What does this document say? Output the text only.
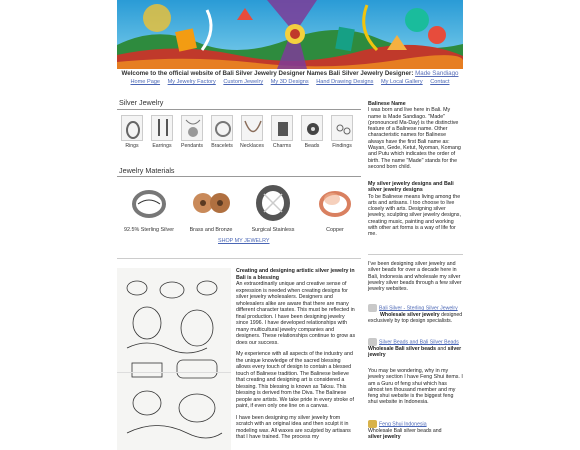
Welcome to the official website of Bali Silver Jewelry Designer Names Bali Silver Jewelry Designer: Made Sandiago
Home Page My Jewelry Factory Custom Jewelry My 3D Designs Hand Drawing Designs My Local Gallery Contact
Silver Jewelry
Rings	Earrings	Pendants	Bracelets	Necklaces	Charms	Beads	Findings
Jewelry Materials
92.5% Sterling Silver	Brass and Bronze	Surgical Stainless	Copper
SHOP MY JEWELRY

Creating and designing artistic silver jewelry in Bali is a blessing

An extraordinarily unique and creative sense of expression is needed when creating designs for silver jewelry wholesalers. Designers and wholesalers alike are aware that there are many different character tastes. This must be reflected in final production. I have been designing jewelry since 1996. I have developed relationships with many multicultural jewelry companies and designers. These relationships continue to grow as does our success.

My experience with all aspects of the industry and the unique knowledge of the sacred blessing allows every touch of design to contain a blessed touch of Balinese tradition. The Balinese believe that creating and designing art is considered a blessing. This blessing is known as Taksu. This blessing is derived from the Diva. The Balinese people are artists. We take pride in every stroke of paint, if even only one line on a canvas.

I have been designing my silver jewelry from scratch with an original idea and then sculpt it in modeling wax. All waxes are sculpted by artisans that I have trained. The process my

Balinese Name
I was born and live here in Bali. My name is Made Sandiago. "Made" (pronounced Ma-Day) is the distinctive feature of a Balinese name. Other characteristic names for Balinese always have the first Bali name as: Wayan, Gede, Ketut, Nyoman, Komang and Putu which indicates the order of birth. The name "Made" stands for the second born child.
My silver jewelry designs and Bali silver jewelry designs
To be Balinese means living among the arts and artisans. I too choose to live closely with arts. Designing silver jewelry, sculpting silver jewelry designs, creating music, painting and working with other art forms is a way of life for me.
I've been designing silver jewelry and silver beads for over a decade here in Bali, Indonesia and wholesale my silver jewelry silver beads through a few silver jewelry websites.
Bali Silver - Sterling Silver Jewelry
Wholesale silver jewelry designed exclusively by top design specialists.
Silver Beads and Bali Silver Beads
Wholesale Bali silver beads and silver jewelry
You may be wondering, why in my jewelry section I have Feng Shui items. I am a Guru of feng shui which has almost ten thousand member and my feng shui website is the biggest feng shui website in Indonesia.
Feng Shui Indonesia
Wholesale Bali silver beads and
silver jewelry
